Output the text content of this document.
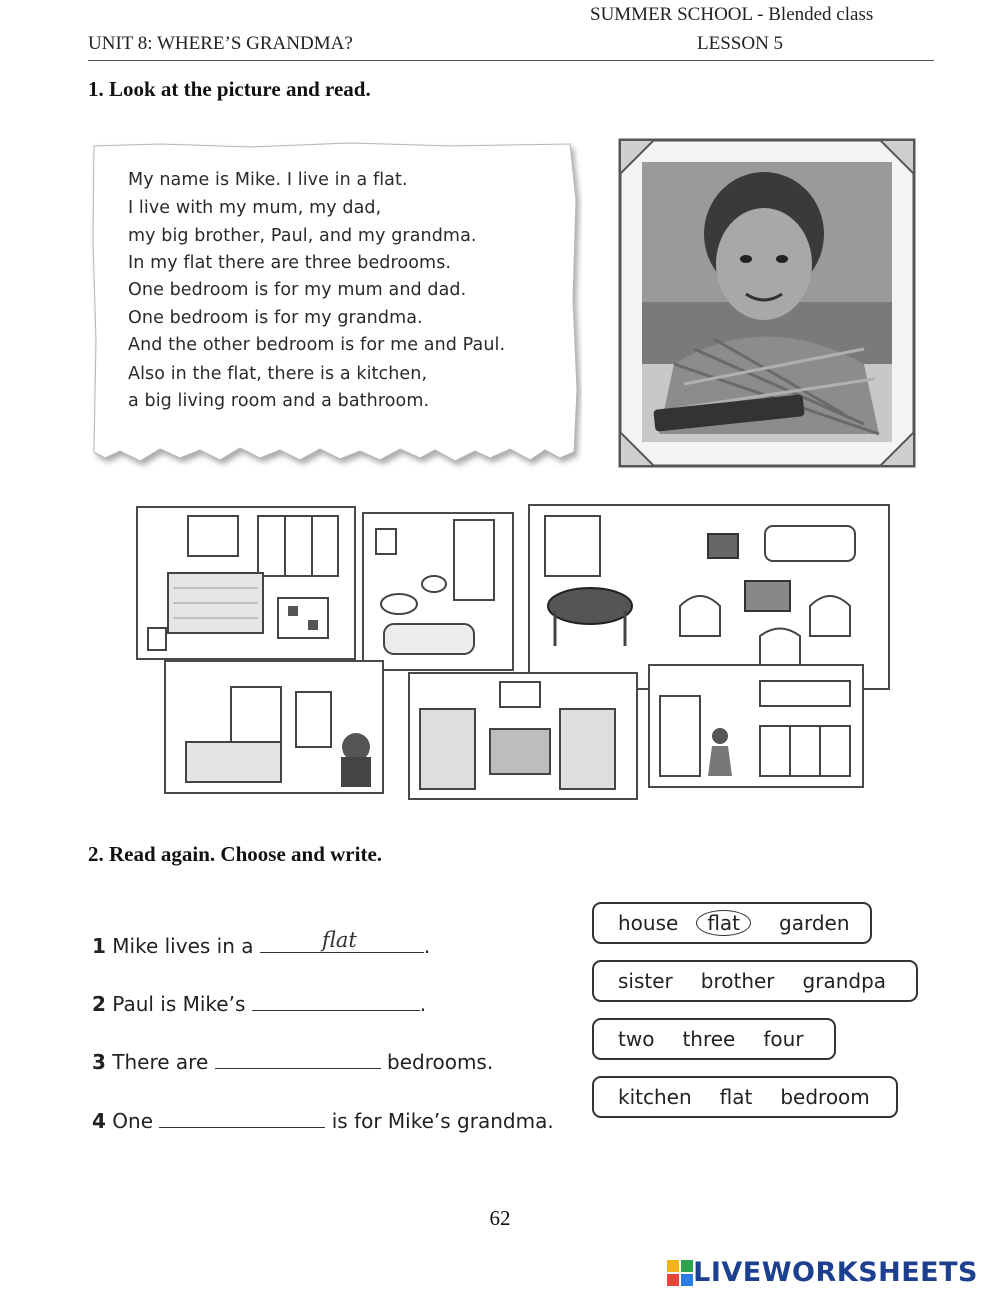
SUMMER SCHOOL - Blended class
UNIT 8: WHERE’S GRANDMA?	LESSON 5
1. Look at the picture and read.
My name is Mike. I live in a flat.
I live with my mum, my dad,
my big brother, Paul, and my grandma.
In my flat there are three bedrooms.
One bedroom is for my mum and dad.
One bedroom is for my grandma.
And the other bedroom is for me and Paul.
Also in the flat, there is a kitchen,
a big living room and a bathroom.
2. Read again. Choose and write.
1 Mike lives in a	flat	.
2 Paul is Mike’s	.
3 There are	bedrooms.
4 One	is for Mike’s grandma.
house	flat	garden
sister brother grandpa
two three four
kitchen flat bedroom
62
LIVEWORKSHEETS
